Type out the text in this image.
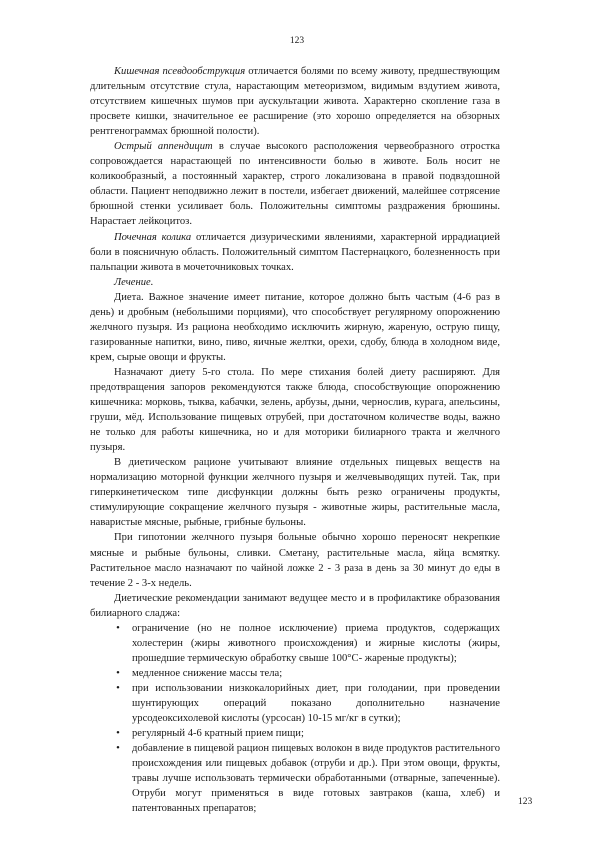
123

Кишечная псевдообструкция отличается болями по всему животу, предшествующим длительным отсутствие стула, нарастающим метеоризмом, видимым вздутием живота, отсутствием кишечных шумов при аускультации живота. Характерно скопление газа в просвете кишки, значительное ее расширение (это хорошо определяется на обзорных рентгенограммах брюшной полости).

Острый аппендицит в случае высокого расположения червеобразного отростка сопровождается нарастающей по интенсивности болью в животе. Боль носит не коликообразный, а постоянный характер, строго локализована в правой подвздошной области. Пациент неподвижно лежит в постели, избегает движений, малейшее сотрясение брюшной стенки усиливает боль. Положительны симптомы раздражения брюшины. Нарастает лейкоцитоз.

Почечная колика отличается дизурическими явлениями, характерной иррадиацией боли в поясничную область. Положительный симптом Пастернацкого, болезненность при пальпации живота в мочеточниковых точках.

Лечение.

Диета. Важное значение имеет питание, которое должно быть частым (4-6 раз в день) и дробным (небольшими порциями), что способствует регулярному опорожнению желчного пузыря. Из рациона необходимо исключить жирную, жареную, острую пищу, газированные напитки, вино, пиво, яичные желтки, орехи, сдобу, блюда в холодном виде, крем, сырые овощи и фрукты.

Назначают диету 5-го стола. По мере стихания болей диету расширяют. Для предотвращения запоров рекомендуются также блюда, способствующие опорожнению кишечника: морковь, тыква, кабачки, зелень, арбузы, дыни, чернослив, курага, апельсины, груши, мёд. Использование пищевых отрубей, при достаточном количестве воды, важно не только для работы кишечника, но и для моторики билиарного тракта и желчного пузыря.

В диетическом рационе учитывают влияние отдельных пищевых веществ на нормализацию моторной функции желчного пузыря и желчевыводящих путей. Так, при гиперкинетическом типе дисфункции должны быть резко ограничены продукты, стимулирующие сокращение желчного пузыря - животные жиры, растительные масла, наваристые мясные, рыбные, грибные бульоны.

При гипотонии желчного пузыря больные обычно хорошо переносят некрепкие мясные и рыбные бульоны, сливки. Сметану, растительные масла, яйца всмятку. Растительное масло назначают по чайной ложке 2 - 3 раза в день за 30 минут до еды в течение 2 - 3-х недель.

Диетические рекомендации занимают ведущее место и в профилактике образования билиарного сладжа:

•	ограничение (но не полное исключение) приема продуктов, содержащих холестерин (жиры животного происхождения) и жирные кислоты (жиры, прошедшие термическую обработку свыше 100°С- жареные продукты);
•	медленное снижение массы тела;
•	при использовании низкокалорийных диет, при голодании, при проведении шунтирующих операций показано дополнительно назначение урсодеоксихолевой кислоты (урсосан) 10-15 мг/кг в сутки);
•	регулярный 4-6 кратный прием пищи;
•	добавление в пищевой рацион пищевых волокон в виде продуктов растительного происхождения или пищевых добавок (отруби и др.). При этом овощи, фрукты, травы лучше использовать термически обработанными (отварные, запеченные). Отруби могут применяться в виде готовых завтраков (каша, хлеб) и патентованных препаратов;
123
